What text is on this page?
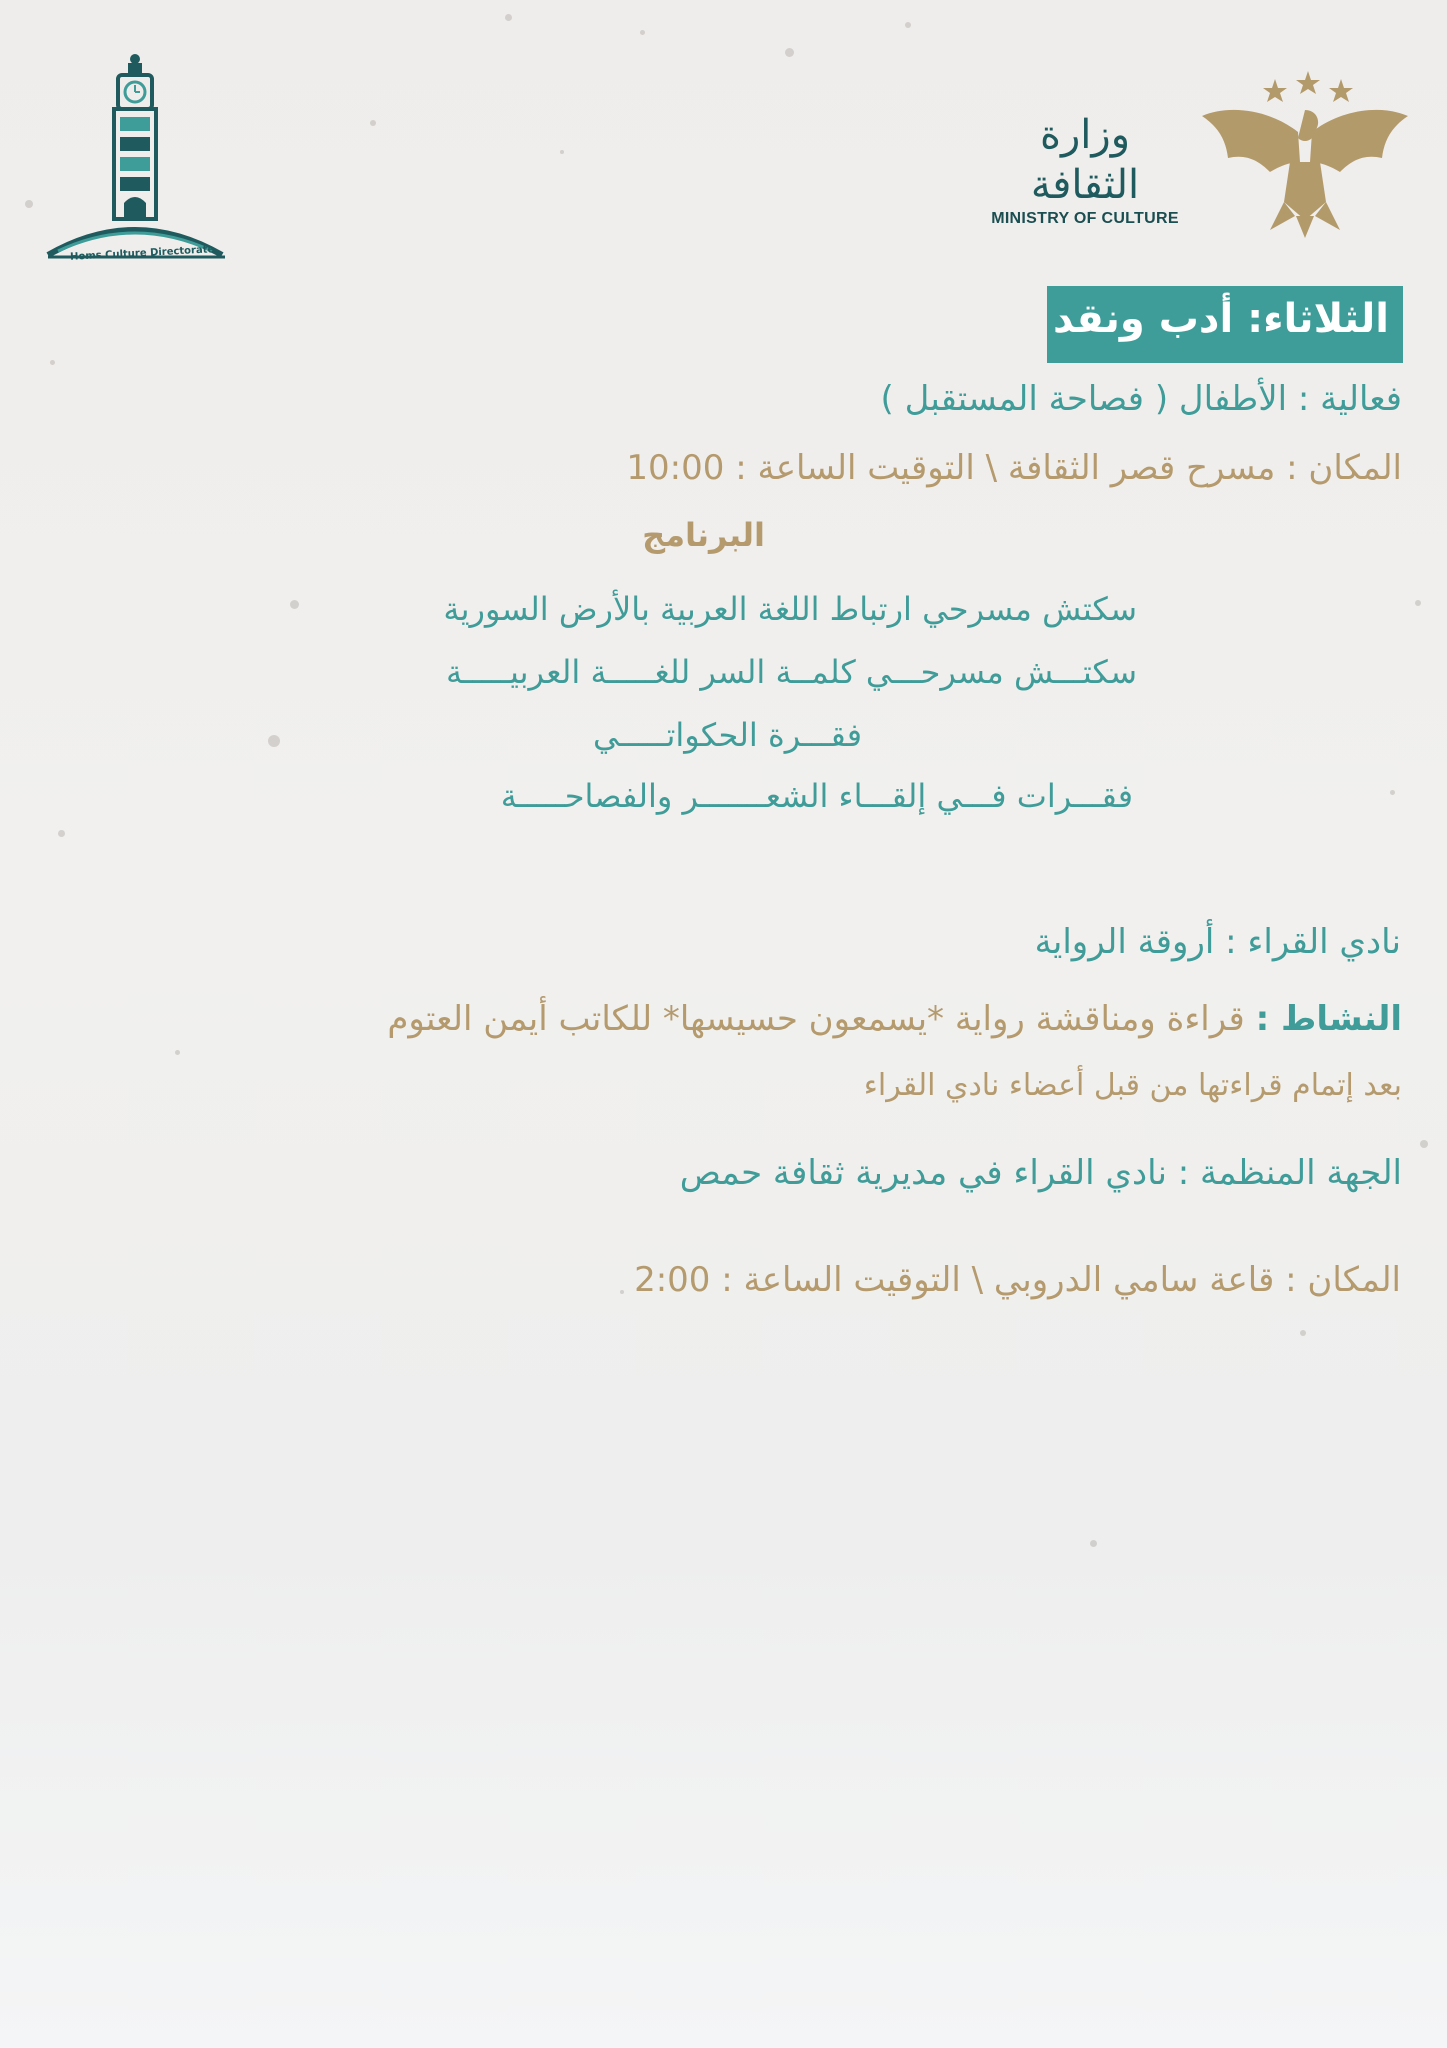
Homs Culture Directorate
وزارة الثقافة
MINISTRY OF CULTURE
الثلاثاء: أدب ونقد
فعالية : الأطفال ( فصاحة المستقبل )
المكان : مسرح قصر الثقافة \ التوقيت الساعة : 10:00
البرنامج
سكتش مسرحي ارتباط اللغة العربية بالأرض السورية
سكتـــش مسرحـــي كلمــة السر للغـــــة العربيـــــة
فقـــرة الحكواتـــــي
فقـــرات فـــي إلقـــاء الشعـــــــر والفصاحـــــة
نادي القراء : أروقة الرواية
النشاط : قراءة ومناقشة رواية *يسمعون حسيسها* للكاتب أيمن العتوم
بعد إتمام قراءتها من قبل أعضاء نادي القراء
الجهة المنظمة : نادي القراء في مديرية ثقافة حمص
المكان : قاعة سامي الدروبي \ التوقيت الساعة : 2:00
